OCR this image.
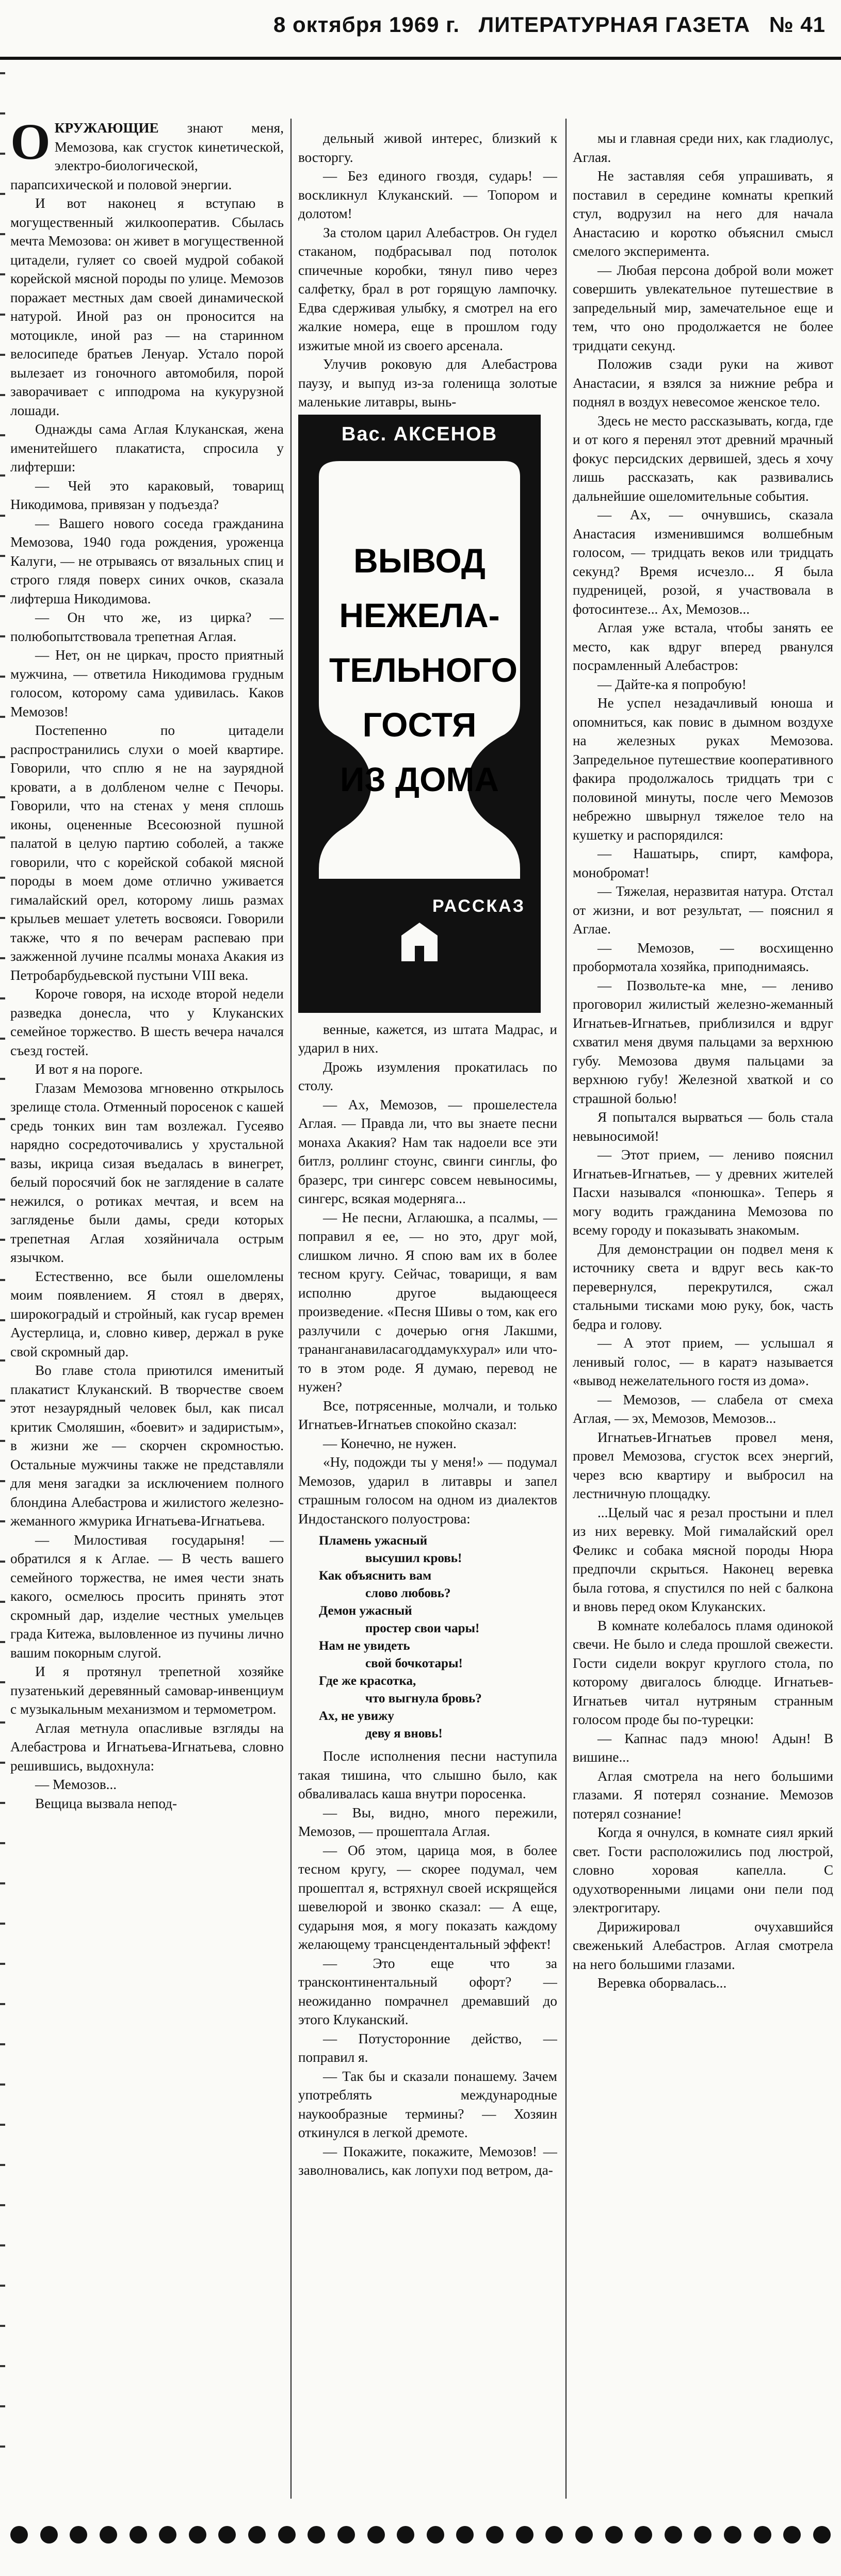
8 октября 1969 г. ЛИТЕРАТУРНАЯ ГАЗЕТА № 41

ОКРУЖАЮЩИЕ знают меня, Мемозова, как сгусток кинетической, электро-биологической, парапсихической и половой энергии.

И вот наконец я вступаю в могущественный жилкооператив. Сбылась мечта Мемозова: он живет в могущественной цитадели, гуляет со своей мудрой собакой корейской мясной породы по улице. Мемозов поражает местных дам своей динамической натурой. Иной раз он проносится на мотоцикле, иной раз — на старинном велосипеде братьев Ленуар. Устало порой вылезает из гоночного автомобиля, порой заворачивает с ипподрома на кукурузной лошади.

Однажды сама Аглая Клуканская, жена именитейшего плакатиста, спросила у лифтерши:

— Чей это караковый, товарищ Никодимова, привязан у подъезда?

— Вашего нового соседа гражданина Мемозова, 1940 года рождения, уроженца Калуги, — не отрываясь от вязальных спиц и строго глядя поверх синих очков, сказала лифтерша Никодимова.

— Он что же, из цирка? — полюбопытствовала трепетная Аглая.

— Нет, он не циркач, просто приятный мужчина, — ответила Никодимова грудным голосом, которому сама удивилась. Каков Мемозов!

Постепенно по цитадели распространились слухи о моей квартире. Говорили, что сплю я не на заурядной кровати, а в долбленом челне с Печоры. Говорили, что на стенах у меня сплошь иконы, оцененные Всесоюзной пушной палатой в целую партию соболей, а также говорили, что с корейской собакой мясной породы в моем доме отлично уживается гималайский орел, которому лишь размах крыльев мешает улететь восвояси. Говорили также, что я по вечерам распеваю при зажженной лучине псалмы монаха Акакия из Петробарбудьевской пустыни VIII века.

Короче говоря, на исходе второй недели разведка донесла, что у Клуканских семейное торжество. В шесть вечера начался съезд гостей.

И вот я на пороге.

Глазам Мемозова мгновенно открылось зрелище стола. Отменный поросенок с кашей средь тонких вин там возлежал. Гусеяво нарядно сосредоточивались у хрустальной вазы, икрица сизая въедалась в винегрет, белый поросячий бок не заглядение в салате нежился, о ротиках мечтая, и всем на загляденье были дамы, среди которых трепетная Аглая хозяйничала острым язычком.

Естественно, все были ошеломлены моим появлением. Я стоял в дверях, широкоградый и стройный, как гусар времен Аустерлица, и, словно кивер, держал в руке свой скромный дар.

Во главе стола приютился именитый плакатист Клуканский. В творчестве своем этот незаурядный человек был, как писал критик Смоляшин, «боевит» и задиристым», в жизни же — скорчен скромностью. Остальные мужчины также не представляли для меня загадки за исключением полного блондина Алебастрова и жилистого железно-жеманного жмурика Игнатьева-Игнатьева.

— Милостивая государыня! — обратился я к Аглае. — В честь вашего семейного торжества, не имея чести знать какого, осмелюсь просить принять этот скромный дар, изделие честных умельцев града Китежа, выловленное из пучины лично вашим покорным слугой.

И я протянул трепетной хозяйке пузатенький деревянный самовар-инвенциум с музыкальным механизмом и термометром.

Аглая метнула опасливые взгляды на Алебастрова и Игнатьева-Игнатьева, словно решившись, выдохнула:

— Мемозов...

Вещица вызвала непод-

дельный живой интерес, близкий к восторгу.

— Без единого гвоздя, сударь! — воскликнул Клуканский. — Топором и долотом!

За столом царил Алебастров. Он гудел стаканом, подбрасывал под потолок спичечные коробки, тянул пиво через салфетку, брал в рот горящую лампочку. Едва сдерживая улыбку, я смотрел на его жалкие номера, еще в прошлом году изжитые мной из своего арсенала.

Улучив роковую для Алебастрова паузу, и выпуд из-за голенища золотые маленькие литавры, вынь-

Вас. АКСЕНОВ
ВЫВОД
НЕЖЕЛА-
ТЕЛЬНОГО
ГОСТЯ
ИЗ ДОМА
РАССКАЗ

венные, кажется, из штата Мадрас, и ударил в них.

Дрожь изумления прокатилась по столу.

— Ах, Мемозов, — прошелестела Аглая. — Правда ли, что вы знаете песни монаха Акакия? Нам так надоели все эти битлз, роллинг стоунс, свинги синглы, фо бразерс, три сингерс совсем невыносимы, сингерс, всякая модерняга...

— Не песни, Аглаюшка, а псалмы, — поправил я ее, — но это, друг мой, слишком лично. Я спою вам их в более тесном кругу. Сейчас, товарищи, я вам исполню другое выдающееся произведение. «Песня Шивы о том, как его разлучили с дочерью огня Лакшми, трананганавиласагоддамукхурал» или что-то в этом роде. Я думаю, перевод не нужен?

Все, потрясенные, молчали, и только Игнатьев-Игнатьев спокойно сказал:

— Конечно, не нужен.

«Ну, подожди ты у меня!» — подумал Мемозов, ударил в литавры и запел страшным голосом на одном из диалектов Индостанского полуострова:

Пламень ужасный
высушил кровь!
Как объяснить вам
слово любовь?
Демон ужасный
простер свои чары!
Нам не увидеть
свой бочкотары!
Где же красотка,
что выгнула бровь?
Ах, не увижу
деву я вновь!

После исполнения песни наступила такая тишина, что слышно было, как обваливалась каша внутри поросенка.

— Вы, видно, много пережили, Мемозов, — прошептала Аглая.

— Об этом, царица моя, в более тесном кругу, — скорее подумал, чем прошептал я, встряхнул своей искрящейся шевелюрой и звонко сказал: — А еще, сударыня моя, я могу показать каждому желающему трансцендентальный эффект!

— Это еще что за трансконтинентальный офорт? — неожиданно помрачнел дремавший до этого Клуканский.

— Потусторонние действо, — поправил я.

— Так бы и сказали понашему. Зачем употреблять международные наукообразные термины? — Хозяин откинулся в легкой дремоте.

— Покажите, покажите, Мемозов! — заволновались, как лопухи под ветром, да-

мы и главная среди них, как гладиолус, Аглая.

Не заставляя себя упрашивать, я поставил в середине комнаты крепкий стул, водрузил на него для начала Анастасию и коротко объяснил смысл смелого эксперимента.

— Любая персона доброй воли может совершить увлекательное путешествие в запредельный мир, замечательное еще и тем, что оно продолжается не более тридцати секунд.

Положив сзади руки на живот Анастасии, я взялся за нижние ребра и поднял в воздух невесомое женское тело.

Здесь не место рассказывать, когда, где и от кого я перенял этот древний мрачный фокус персидских дервишей, здесь я хочу лишь рассказать, как развивались дальнейшие ошеломительные события.

— Ах, — очнувшись, сказала Анастасия изменившимся волшебным голосом, — тридцать веков или тридцать секунд? Время исчезло... Я была пудреницей, розой, я участвовала в фотосинтезе... Ах, Мемозов...

Аглая уже встала, чтобы занять ее место, как вдруг вперед рванулся посрамленный Алебастров:

— Дайте-ка я попробую!

Не успел незадачливый юноша и опомниться, как повис в дымном воздухе на железных руках Мемозова. Запредельное путешествие кооперативного факира продолжалось тридцать три с половиной минуты, после чего Мемозов небрежно швырнул тяжелое тело на кушетку и распорядился:

— Нашатырь, спирт, камфора, монобромат!

— Тяжелая, неразвитая натура. Отстал от жизни, и вот результат, — пояснил я Аглае.

— Мемозов, — восхищенно пробормотала хозяйка, приподнимаясь.

— Позвольте-ка мне, — лениво проговорил жилистый железно-жеманный Игнатьев-Игнатьев, приблизился и вдруг схватил меня двумя пальцами за верхнюю губу. Мемозова двумя пальцами за верхнюю губу! Железной хваткой и со страшной болью!

Я попытался вырваться — боль стала невыносимой!

— Этот прием, — лениво пояснил Игнатьев-Игнатьев, — у древних жителей Пасхи назывался «понюшка». Теперь я могу водить гражданина Мемозова по всему городу и показывать знакомым.

Для демонстрации он подвел меня к источнику света и вдруг весь как-то перевернулся, перекрутился, сжал стальными тисками мою руку, бок, часть бедра и голову.

— А этот прием, — услышал я ленивый голос, — в каратэ называется «вывод нежелательного гостя из дома».

— Мемозов, — слабела от смеха Аглая, — эх, Мемозов, Мемозов...

Игнатьев-Игнатьев провел меня, провел Мемозова, сгусток всех энергий, через всю квартиру и выбросил на лестничную площадку.

...Целый час я резал простыни и плел из них веревку. Мой гималайский орел Феликс и собака мясной породы Нюра предпочли скрыться. Наконец веревка была готова, я спустился по ней с балкона и вновь перед оком Клуканских.

В комнате колебалось пламя одинокой свечи. Не было и следа прошлой свежести. Гости сидели вокруг круглого стола, по которому двигалось блюдце. Игнатьев-Игнатьев читал нутряным странным голосом проде бы по-турецки:

— Капнас падэ мною! Адын! В вишине...

Аглая смотрела на него большими глазами. Я потерял сознание. Мемозов потерял сознание!

Когда я очнулся, в комнате сиял яркий свет. Гости расположились под люстрой, словно хоровая капелла. С одухотворенными лицами они пели под электрогитару.

Дирижировал очухавшийся свеженький Алебастров. Аглая смотрела на него большими глазами.

Веревка оборвалась...
